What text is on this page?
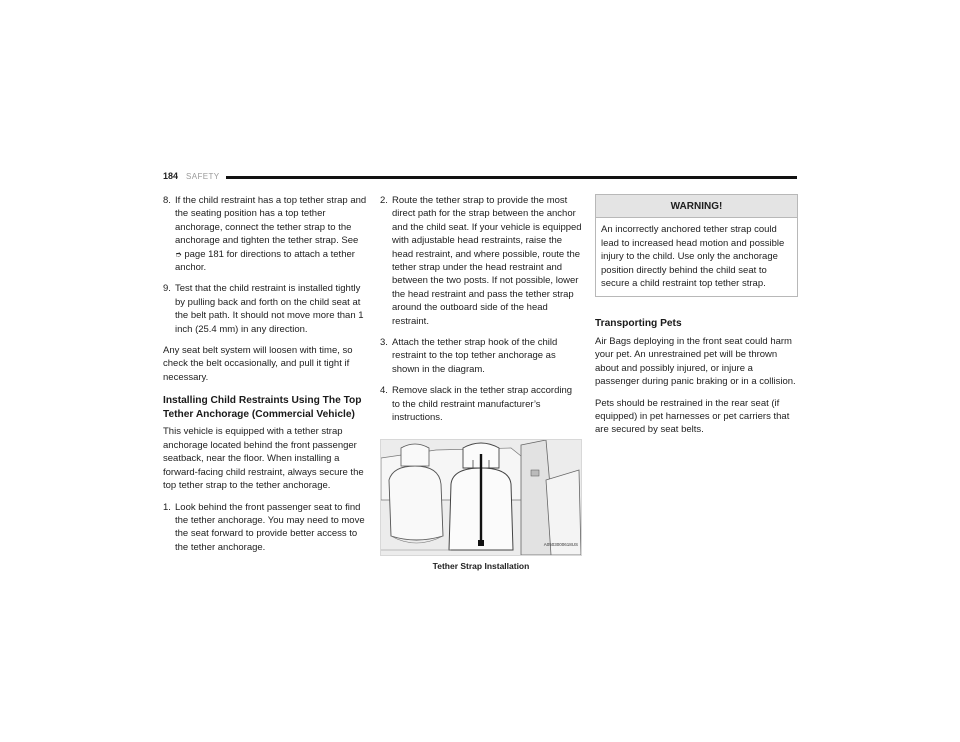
184 SAFETY
8. If the child restraint has a top tether strap and the seating position has a top tether anchorage, connect the tether strap to the anchorage and tighten the tether strap. See ➮ page 181 for directions to attach a tether anchor.
9. Test that the child restraint is installed tightly by pulling back and forth on the child seat at the belt path. It should not move more than 1 inch (25.4 mm) in any direction.

Any seat belt system will loosen with time, so check the belt occasionally, and pull it tight if necessary.

Installing Child Restraints Using The Top Tether Anchorage (Commercial Vehicle)

This vehicle is equipped with a tether strap anchorage located behind the front passenger seatback, near the floor. When installing a forward-facing child restraint, always secure the top tether strap to the tether anchorage.

1. Look behind the front passenger seat to find the tether anchorage. You may need to move the seat forward to provide better access to the tether anchorage.
2. Route the tether strap to provide the most direct path for the strap between the anchor and the child seat. If your vehicle is equipped with adjustable head restraints, raise the head restraint, and where possible, route the tether strap under the head restraint and between the two posts. If not possible, lower the head restraint and pass the tether strap around the outboard side of the head restraint.
3. Attach the tether strap hook of the child restraint to the top tether anchorage as shown in the diagram.
4. Remove slack in the tether strap according to the child restraint manufacturer’s instructions.
A0503000618US
Tether Strap Installation
WARNING!
An incorrectly anchored tether strap could lead to increased head motion and possible injury to the child. Use only the anchorage position directly behind the child seat to secure a child restraint top tether strap.
Transporting Pets

Air Bags deploying in the front seat could harm your pet. An unrestrained pet will be thrown about and possibly injured, or injure a passenger during panic braking or in a collision.

Pets should be restrained in the rear seat (if equipped) in pet harnesses or pet carriers that are secured by seat belts.
